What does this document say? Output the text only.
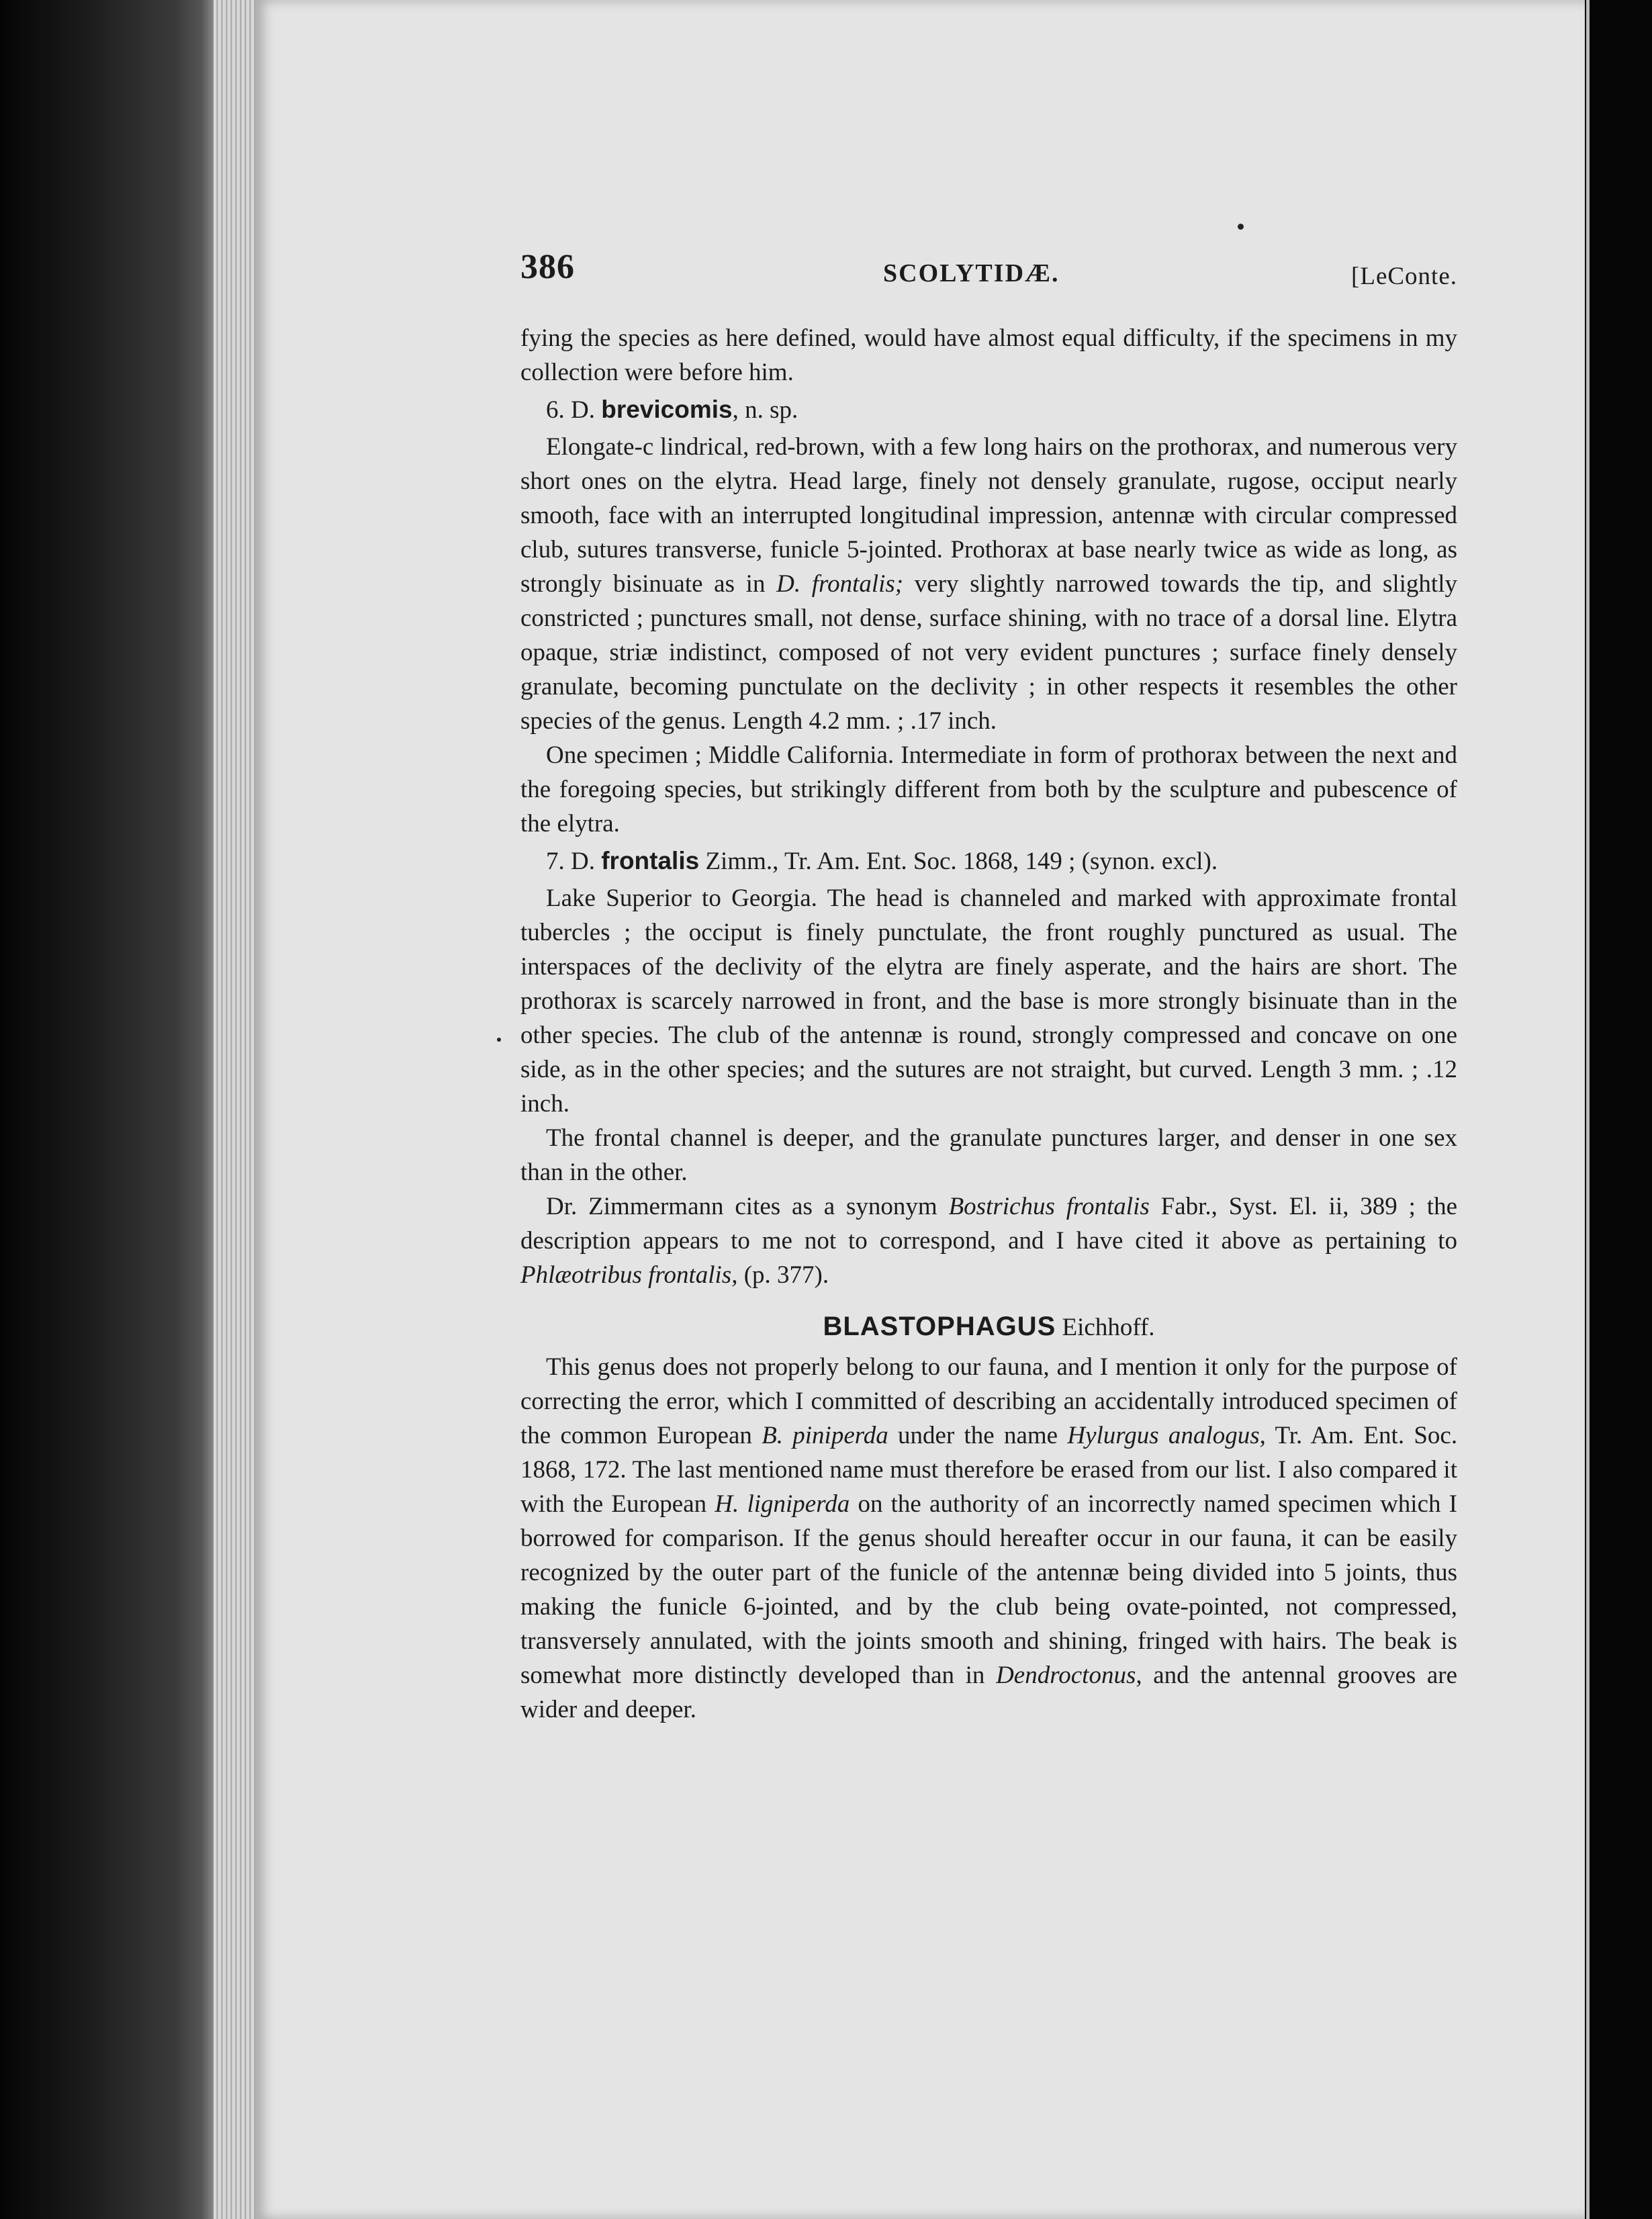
386	SCOLYTIDÆ.	[LeConte.

fying the species as here defined, would have almost equal difficulty, if the specimens in my collection were before him.

6. D. brevicomis, n. sp.

Elongate-c lindrical, red-brown, with a few long hairs on the prothorax, and numerous very short ones on the elytra. Head large, finely not densely granulate, rugose, occiput nearly smooth, face with an interrupted longitudinal impression, antennæ with circular compressed club, sutures transverse, funicle 5-jointed. Prothorax at base nearly twice as wide as long, as strongly bisinuate as in D. frontalis; very slightly narrowed towards the tip, and slightly constricted ; punctures small, not dense, surface shining, with no trace of a dorsal line. Elytra opaque, striæ indistinct, composed of not very evident punctures ; surface finely densely granulate, becoming punctulate on the declivity ; in other respects it resembles the other species of the genus. Length 4.2 mm. ; .17 inch.

One specimen ; Middle California. Intermediate in form of prothorax between the next and the foregoing species, but strikingly different from both by the sculpture and pubescence of the elytra.

7. D. frontalis Zimm., Tr. Am. Ent. Soc. 1868, 149 ; (synon. excl).

Lake Superior to Georgia. The head is channeled and marked with approximate frontal tubercles ; the occiput is finely punctulate, the front roughly punctured as usual. The interspaces of the declivity of the elytra are finely asperate, and the hairs are short. The prothorax is scarcely narrowed in front, and the base is more strongly bisinuate than in the other species. The club of the antennæ is round, strongly compressed and concave on one side, as in the other species; and the sutures are not straight, but curved. Length 3 mm. ; .12 inch.

The frontal channel is deeper, and the granulate punctures larger, and denser in one sex than in the other.

Dr. Zimmermann cites as a synonym Bostrichus frontalis Fabr., Syst. El. ii, 389 ; the description appears to me not to correspond, and I have cited it above as pertaining to Phlæotribus frontalis, (p. 377).

BLASTOPHAGUS Eichhoff.

This genus does not properly belong to our fauna, and I mention it only for the purpose of correcting the error, which I committed of describing an accidentally introduced specimen of the common European B. piniperda under the name Hylurgus analogus, Tr. Am. Ent. Soc. 1868, 172. The last mentioned name must therefore be erased from our list. I also compared it with the European H. ligniperda on the authority of an incorrectly named specimen which I borrowed for comparison. If the genus should hereafter occur in our fauna, it can be easily recognized by the outer part of the funicle of the antennæ being divided into 5 joints, thus making the funicle 6-jointed, and by the club being ovate-pointed, not compressed, transversely annulated, with the joints smooth and shining, fringed with hairs. The beak is somewhat more distinctly developed than in Dendroctonus, and the antennal grooves are wider and deeper.
